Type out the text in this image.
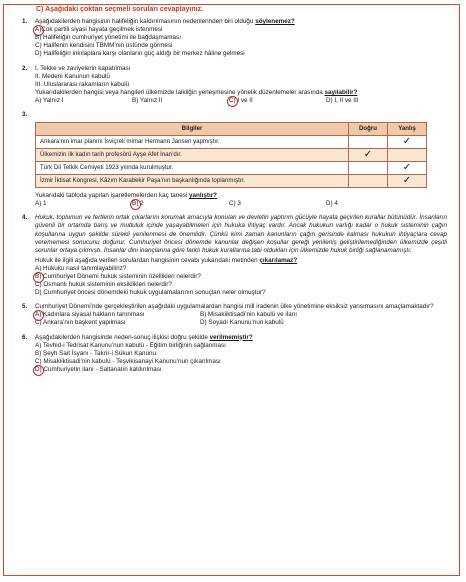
C) Aşağıdaki çoktan seçmeli soruları cevaplayınız.
1.	Aşağıdakilerden hangisinin halifeliğin kaldırılmasının nedenlerinden biri olduğu söylenemez?
A)Çok partili siyasi hayata geçilmek istenmesi
B) Halifeliğin cumhuriyet yönetimi ile bağdaşmaması
C) Halifenin kendisini TBMM’nin üstünde görmesi
D) Halifeliğin inkılaplara karşı olanların güç aldığı bir merkez hâline gelmesi
2.	I. Tekke ve zaviyelerin kapatılması
II. Medeni Kanunun kabulü
III. Uluslararası rakamların kabulü
Yukarıdakilerden hangisi veya hangileri ülkemizde laikliğin yerleşmesine yönelik düzenlemeler arasında sayılabilir?
A) Yalnız I	B) Yalnız II	C) I ve II	D) I, II ve III
3.
Bilgiler	Doğru	Yanlış
Ankara’nın imar planını İsviçreli mimar Hermann Jansen yapmıştır.		✓
Ülkemizin ilk kadın tarih profesörü Ayşe Afet İnan’dır.	✓	
Türk Dil Tetkik Cemiyeti 1923 yılında kurulmuştur.		✓
İzmir İktisat Kongresi, Kâzım Karabekir Paşa’nın başkanlığında toplanmıştır.		✓
Yukarıdaki tabloda yapılan işaretlemelerden kaç tanesi yanlıştır?
A) 1	B) 2	C) 3	D) 4
4.	Hukuk, toplumun ve fertlerin ortak çıkarlarını korumak amacıyla konulan ve devletin yaptırım gücüyle hayata geçirilen kurallar bütünüdür. İnsanların güvenli bir ortamda barış ve mutluluk içinde yaşayabilmeleri için hukuka ihtiyaç vardır. Ancak hukukun varlığı kadar o hukuk sisteminin çağın koşullarına uygun şekilde sürekli yenilenmesi de önemlidir. Çünkü kimi zaman kanunların çağın gerisinde kalması hukukun ihtiyaçlara cevap verememesi sonucunu doğurur. Cumhuriyet öncesi dönemde kanunlar değişen koşullar gereği yenileniş geliştirilemediğinden ülkemizde çeşitli sorunlar ortaya çıkmıştı. İnsanlar dini inançlarına göre farklı hukuk kurallarına tabi oldukları için ülkemizde hukuk birliği sağlanamamıştı.
Hukuk ile ilgili aşağıda verilen sorulardan hangisinin cevabı yukarıdaki metinden çıkarılamaz?
A) Hukuku nasıl tanımlayabiliriz?
B) Cumhuriyet Dönemi hukuk sisteminin özellikleri nelerdir?
C) Osmanlı hukuk sisteminin eksiklikleri nelerdir?
D) Cumhuriyet öncesi dönemdeki hukuk uygulamalarının sonuçları neler olmuştur?
5.	Cumhuriyet Dönemi’nde gerçekleştirilen aşağıdaki uygulamalardan hangisi mill iradenin ülke yönetimine eksiksiz yansımasını amaçlamaktadır?
A) Kadınlara siyasal hakların tanınması	B) Misakiiktisadi’nin kabulü ve ilanı
C) Ankara’nın başkent yapılması	D) Soyadı Kanunu’nun kabulü
6.	Aşağıdakilerden hangisinde neden-sonuç ilişkisi doğru şekilde verilmemiştir?
A) Tevhid-i Tedrisat Kanunu’nun kabulü - Eğitim birliğinin sağlanması
B) Şeyh Sait İsyanı - Takrir-i Sükun Kanunu
C) Misakiiktisadi’nin kabulü - Teşvikisanayi Kanunu’nun çıkarılması
D) Cumhuriyetin ilanı - Saltanatın kaldırılması
